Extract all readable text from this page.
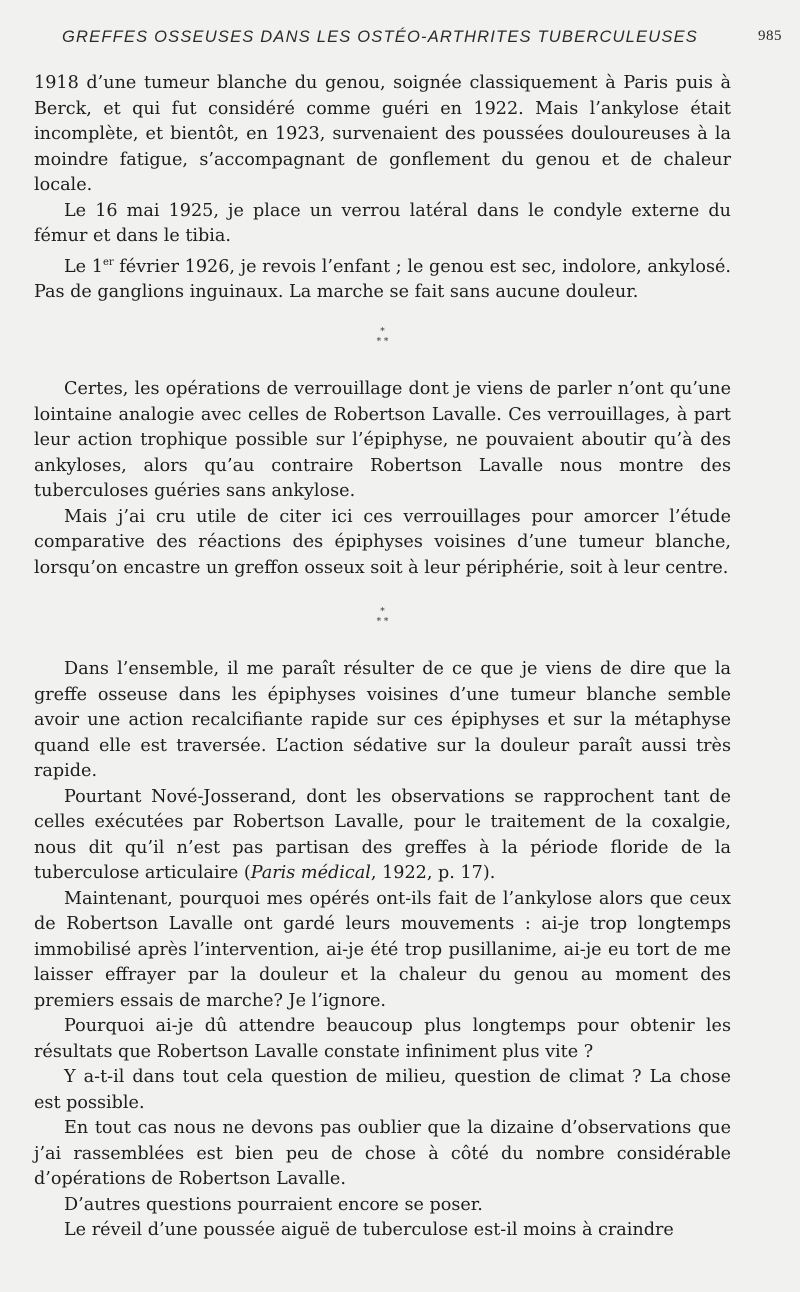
GREFFES OSSEUSES DANS LES OSTÉO-ARTHRITES TUBERCULEUSES	985

1918 d’une tumeur blanche du genou, soignée classiquement à Paris puis à Berck, et qui fut considéré comme guéri en 1922. Mais l’ankylose était incomplète, et bientôt, en 1923, survenaient des poussées douloureuses à la moindre fatigue, s’accompagnant de gonflement du genou et de chaleur locale.

Le 16 mai 1925, je place un verrou latéral dans le condyle externe du fémur et dans le tibia.

Le 1er février 1926, je revois l’enfant ; le genou est sec, indolore, ankylosé. Pas de ganglions inguinaux. La marche se fait sans aucune douleur.

*
* *

Certes, les opérations de verrouillage dont je viens de parler n’ont qu’une lointaine analogie avec celles de Robertson Lavalle. Ces verrouillages, à part leur action trophique possible sur l’épiphyse, ne pouvaient aboutir qu’à des ankyloses, alors qu’au contraire Robertson Lavalle nous montre des tuberculoses guéries sans ankylose.

Mais j’ai cru utile de citer ici ces verrouillages pour amorcer l’étude comparative des réactions des épiphyses voisines d’une tumeur blanche, lorsqu’on encastre un greffon osseux soit à leur périphérie, soit à leur centre.

*
* *

Dans l’ensemble, il me paraît résulter de ce que je viens de dire que la greffe osseuse dans les épiphyses voisines d’une tumeur blanche semble avoir une action recalcifiante rapide sur ces épiphyses et sur la métaphyse quand elle est traversée. L’action sédative sur la douleur paraît aussi très rapide.

Pourtant Nové-Josserand, dont les observations se rapprochent tant de celles exécutées par Robertson Lavalle, pour le traitement de la coxalgie, nous dit qu’il n’est pas partisan des greffes à la période floride de la tuberculose articulaire (Paris médical, 1922, p. 17).

Maintenant, pourquoi mes opérés ont-ils fait de l’ankylose alors que ceux de Robertson Lavalle ont gardé leurs mouvements : ai-je trop longtemps immobilisé après l’intervention, ai-je été trop pusillanime, ai-je eu tort de me laisser effrayer par la douleur et la chaleur du genou au moment des premiers essais de marche? Je l’ignore.

Pourquoi ai-je dû attendre beaucoup plus longtemps pour obtenir les résultats que Robertson Lavalle constate infiniment plus vite ?

Y a-t-il dans tout cela question de milieu, question de climat ? La chose est possible.

En tout cas nous ne devons pas oublier que la dizaine d’observations que j’ai rassemblées est bien peu de chose à côté du nombre considérable d’opérations de Robertson Lavalle.

D’autres questions pourraient encore se poser.

Le réveil d’une poussée aiguë de tuberculose est-il moins à craindre
